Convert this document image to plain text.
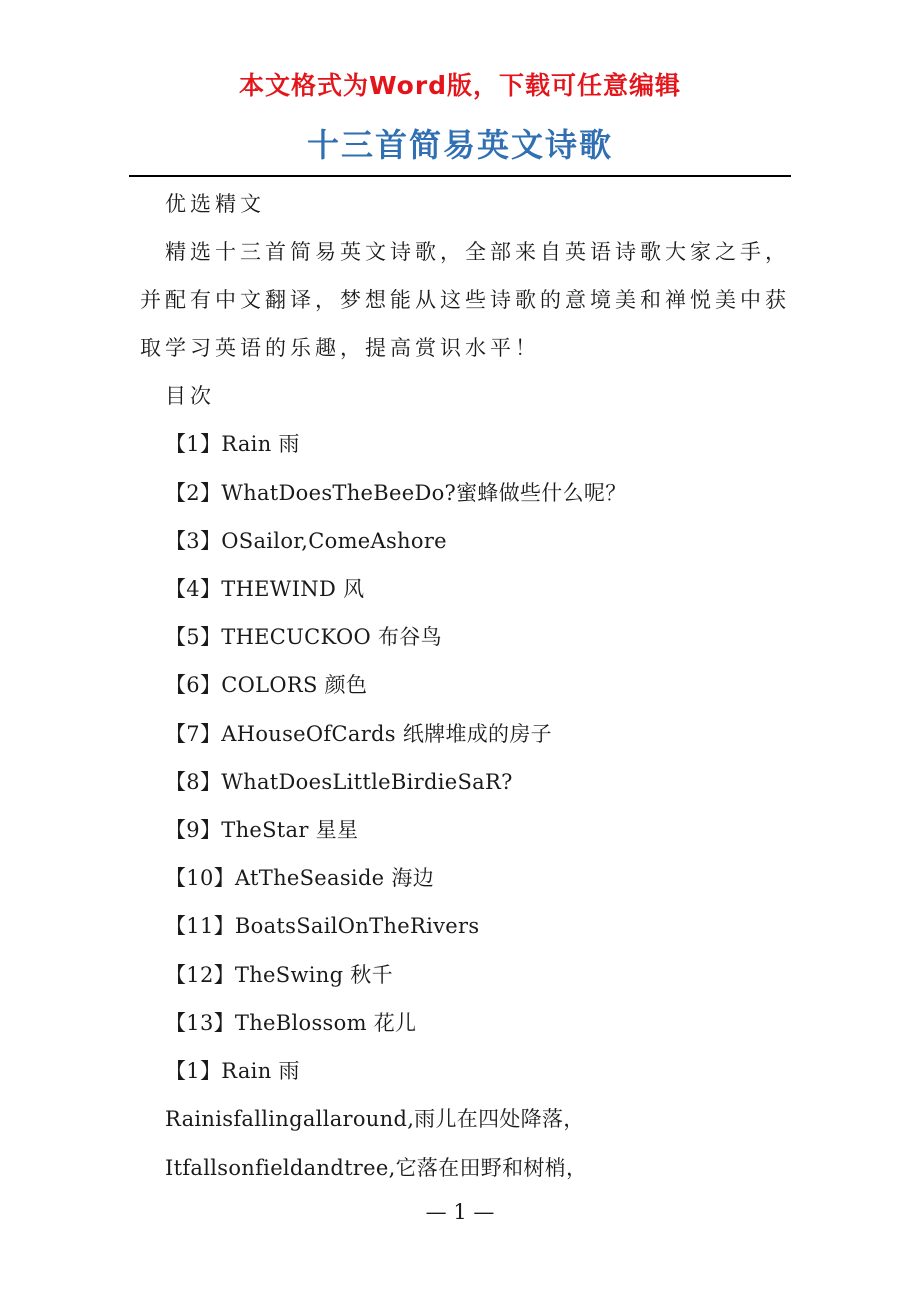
本文格式为Word版，下载可任意编辑
十三首简易英文诗歌
优选精文
精选十三首简易英文诗歌，全部来自英语诗歌大家之手，
并配有中文翻译，梦想能从这些诗歌的意境美和禅悦美中获
取学习英语的乐趣，提高赏识水平！
目次
【1】Rain 雨
【2】WhatDoesTheBeeDo?蜜蜂做些什么呢？
【3】OSailor,ComeAshore
【4】THEWIND 风
【5】THECUCKOO 布谷鸟
【6】COLORS 颜色
【7】AHouseOfCards 纸牌堆成的房子
【8】WhatDoesLittleBirdieSaR?
【9】TheStar 星星
【10】AtTheSeaside 海边
【11】BoatsSailOnTheRivers
【12】TheSwing 秋千
【13】TheBlossom 花儿
【1】Rain 雨
Rainisfallingallaround,雨儿在四处降落，
Itfallsonfieldandtree,它落在田野和树梢，
— 1 —
